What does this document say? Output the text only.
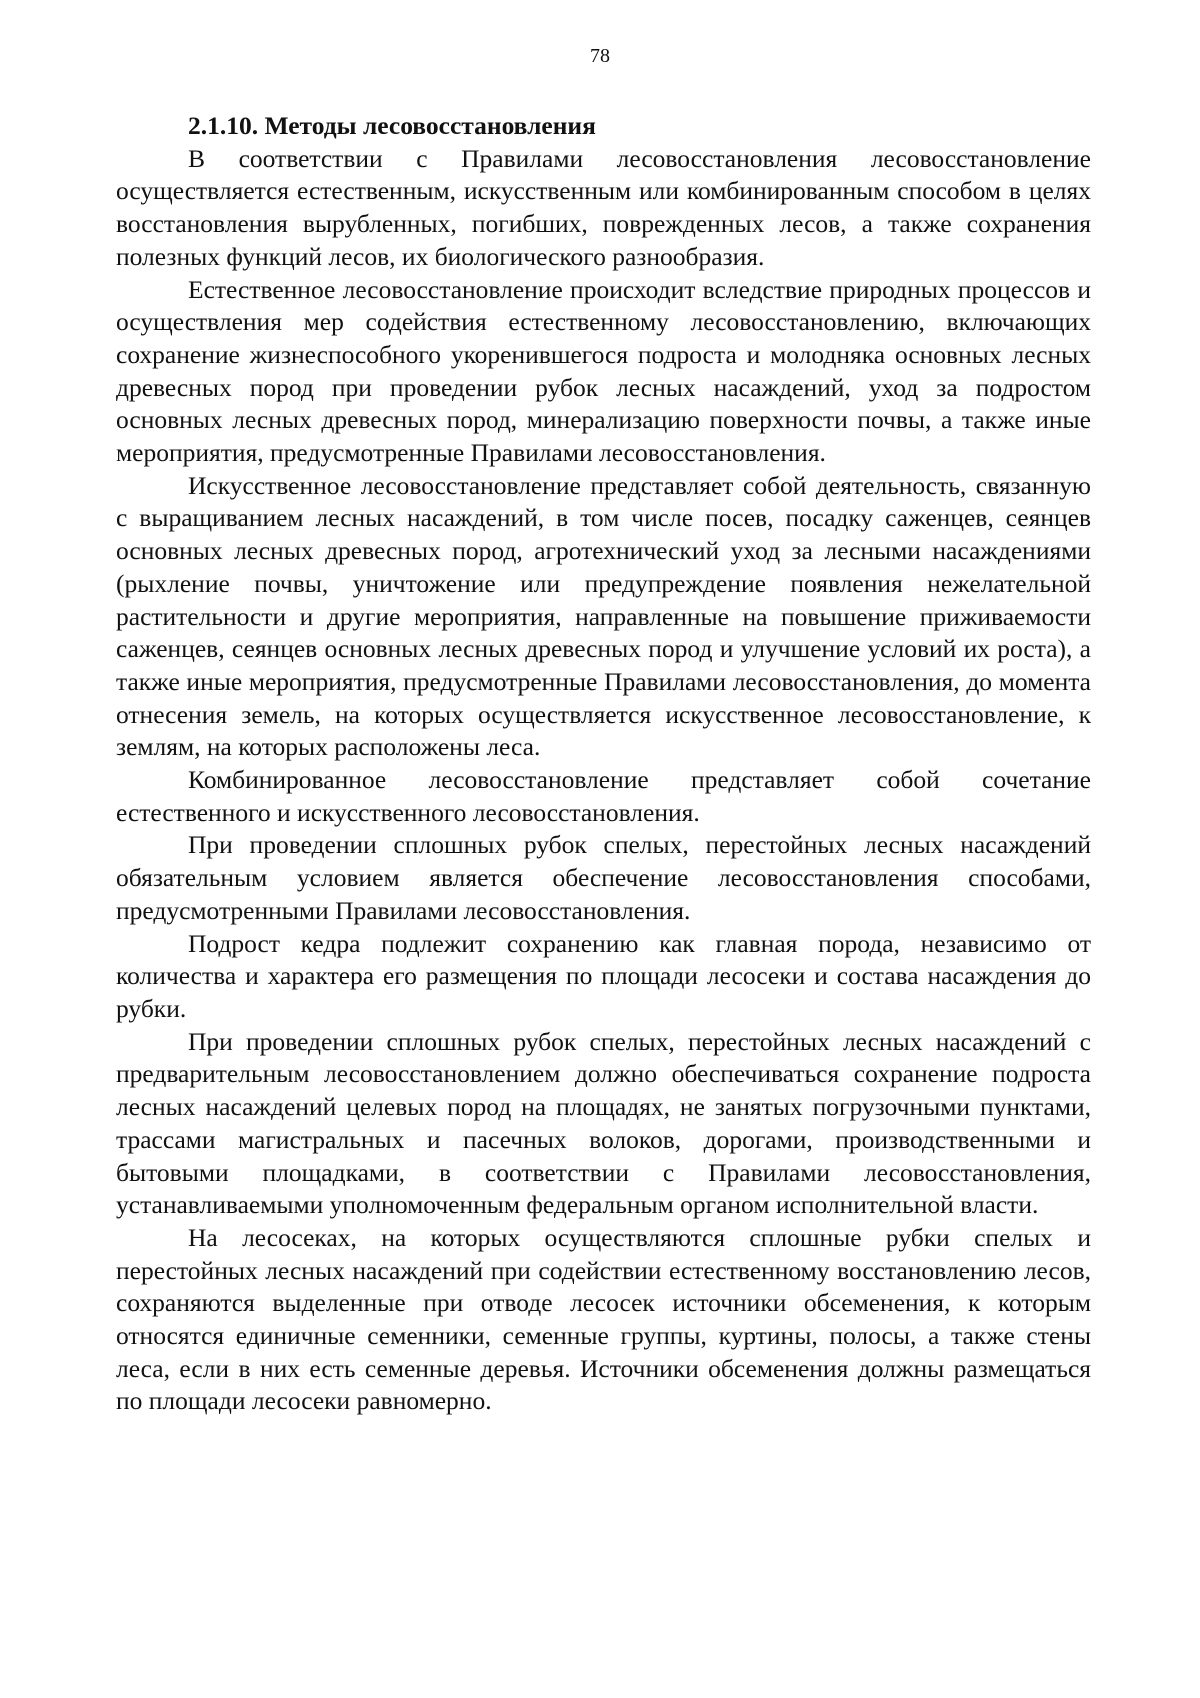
78
2.1.10. Методы лесовосстановления

В соответствии с Правилами лесовосстановления лесовосстановление осуществляется естественным, искусственным или комбинированным способом в целях восстановления вырубленных, погибших, поврежденных лесов, а также сохранения полезных функций лесов, их биологического разнообразия.

Естественное лесовосстановление происходит вследствие природных процессов и осуществления мер содействия естественному лесовосстановлению, включающих сохранение жизнеспособного укоренившегося подроста и молодняка основных лесных древесных пород при проведении рубок лесных насаждений, уход за подростом основных лесных древесных пород, минерализацию поверхности почвы, а также иные мероприятия, предусмотренные Правилами лесовосстановления.

Искусственное лесовосстановление представляет собой деятельность, связанную с выращиванием лесных насаждений, в том числе посев, посадку саженцев, сеянцев основных лесных древесных пород, агротехнический уход за лесными насаждениями (рыхление почвы, уничтожение или предупреждение появления нежелательной растительности и другие мероприятия, направленные на повышение приживаемости саженцев, сеянцев основных лесных древесных пород и улучшение условий их роста), а также иные мероприятия, предусмотренные Правилами лесовосстановления, до момента отнесения земель, на которых осуществляется искусственное лесовосстановление, к землям, на которых расположены леса.

Комбинированное лесовосстановление представляет собой сочетание естественного и искусственного лесовосстановления.

При проведении сплошных рубок спелых, перестойных лесных насаждений обязательным условием является обеспечение лесовосстановления способами, предусмотренными Правилами лесовосстановления.

Подрост кедра подлежит сохранению как главная порода, независимо от количества и характера его размещения по площади лесосеки и состава насаждения до рубки.

При проведении сплошных рубок спелых, перестойных лесных насаждений с предварительным лесовосстановлением должно обеспечиваться сохранение подроста лесных насаждений целевых пород на площадях, не занятых погрузочными пунктами, трассами магистральных и пасечных волоков, дорогами, производственными и бытовыми площадками, в соответствии с Правилами лесовосстановления, устанавливаемыми уполномоченным федеральным органом исполнительной власти.

На лесосеках, на которых осуществляются сплошные рубки спелых и перестойных лесных насаждений при содействии естественному восстановлению лесов, сохраняются выделенные при отводе лесосек источники обсеменения, к которым относятся единичные семенники, семенные группы, куртины, полосы, а также стены леса, если в них есть семенные деревья. Источники обсеменения должны размещаться по площади лесосеки равномерно.
